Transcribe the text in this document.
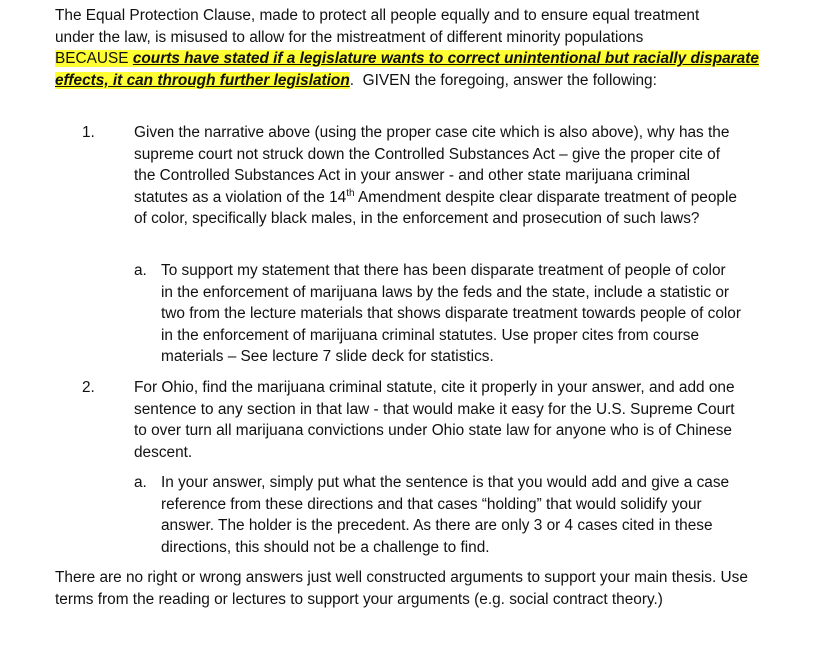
The Equal Protection Clause, made to protect all people equally and to ensure equal treatment
under the law, is misused to allow for the mistreatment of different minority populations
BECAUSE courts have stated if a legislature wants to correct unintentional but racially disparate effects, it can through further legislation. GIVEN the foregoing, answer the following:
1.	Given the narrative above (using the proper case cite which is also above), why has the supreme court not struck down the Controlled Substances Act – give the proper cite of the Controlled Substances Act in your answer - and other state marijuana criminal statutes as a violation of the 14th Amendment despite clear disparate treatment of people of color, specifically black males, in the enforcement and prosecution of such laws?
a. To support my statement that there has been disparate treatment of people of color in the enforcement of marijuana laws by the feds and the state, include a statistic or two from the lecture materials that shows disparate treatment towards people of color in the enforcement of marijuana criminal statutes. Use proper cites from course materials – See lecture 7 slide deck for statistics.
2.	For Ohio, find the marijuana criminal statute, cite it properly in your answer, and add one sentence to any section in that law - that would make it easy for the U.S. Supreme Court to over turn all marijuana convictions under Ohio state law for anyone who is of Chinese descent.
a. In your answer, simply put what the sentence is that you would add and give a case reference from these directions and that cases “holding” that would solidify your answer. The holder is the precedent. As there are only 3 or 4 cases cited in these directions, this should not be a challenge to find.
There are no right or wrong answers just well constructed arguments to support your main thesis. Use terms from the reading or lectures to support your arguments (e.g. social contract theory.)
